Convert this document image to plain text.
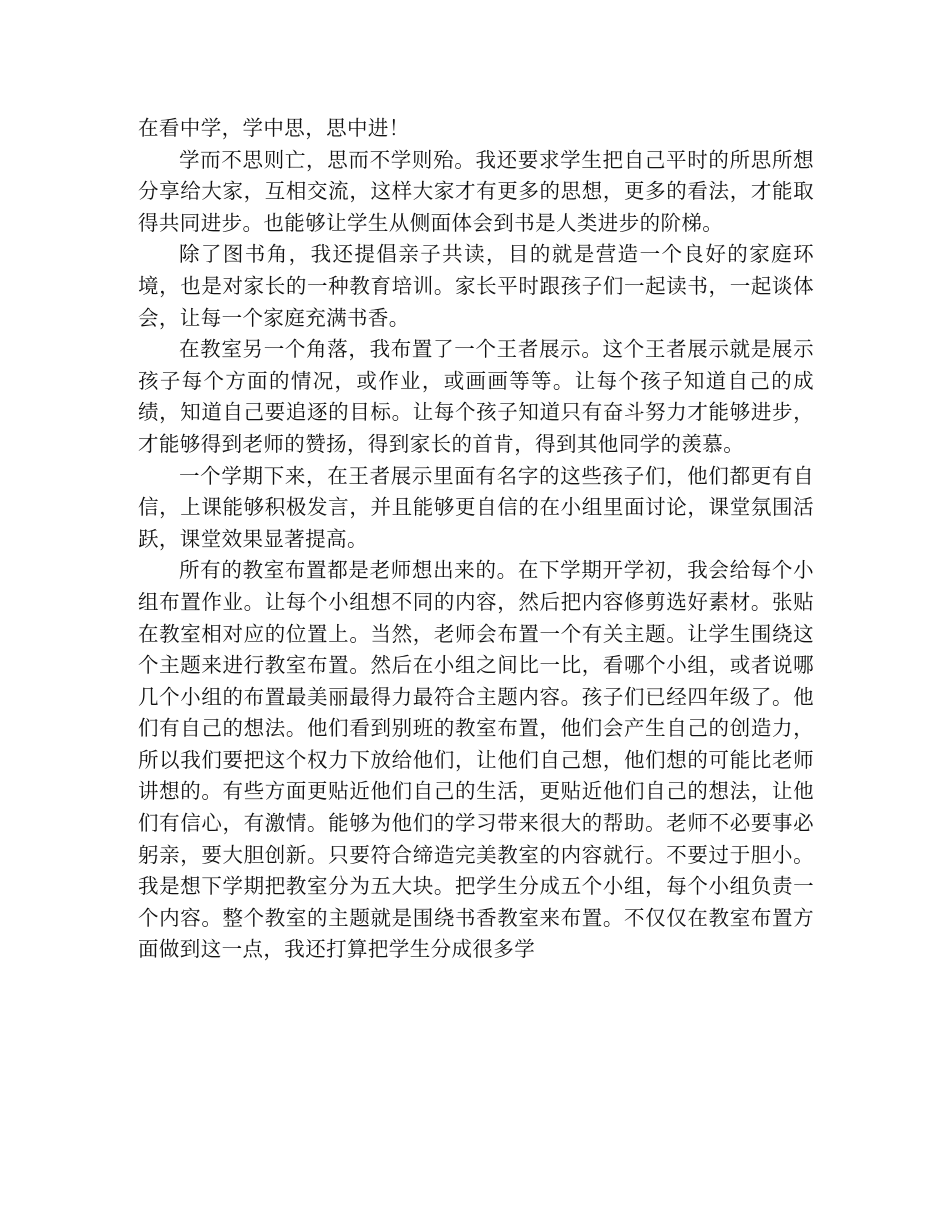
在看中学，学中思，思中进！

学而不思则亡，思而不学则殆。我还要求学生把自己平时的所思所想分享给大家，互相交流，这样大家才有更多的思想，更多的看法，才能取得共同进步。也能够让学生从侧面体会到书是人类进步的阶梯。

除了图书角，我还提倡亲子共读，目的就是营造一个良好的家庭环境，也是对家长的一种教育培训。家长平时跟孩子们一起读书，一起谈体会，让每一个家庭充满书香。

在教室另一个角落，我布置了一个王者展示。这个王者展示就是展示孩子每个方面的情况，或作业，或画画等等。让每个孩子知道自己的成绩，知道自己要追逐的目标。让每个孩子知道只有奋斗努力才能够进步，才能够得到老师的赞扬，得到家长的首肯，得到其他同学的羡慕。

一个学期下来，在王者展示里面有名字的这些孩子们，他们都更有自信，上课能够积极发言，并且能够更自信的在小组里面讨论，课堂氛围活跃，课堂效果显著提高。

所有的教室布置都是老师想出来的。在下学期开学初，我会给每个小组布置作业。让每个小组想不同的内容，然后把内容修剪选好素材。张贴在教室相对应的位置上。当然，老师会布置一个有关主题。让学生围绕这个主题来进行教室布置。然后在小组之间比一比，看哪个小组，或者说哪几个小组的布置最美丽最得力最符合主题内容。孩子们已经四年级了。他们有自己的想法。他们看到别班的教室布置，他们会产生自己的创造力，所以我们要把这个权力下放给他们，让他们自己想，他们想的可能比老师讲想的。有些方面更贴近他们自己的生活，更贴近他们自己的想法，让他们有信心，有激情。能够为他们的学习带来很大的帮助。老师不必要事必躬亲，要大胆创新。只要符合缔造完美教室的内容就行。不要过于胆小。我是想下学期把教室分为五大块。把学生分成五个小组，每个小组负责一个内容。整个教室的主题就是围绕书香教室来布置。不仅仅在教室布置方面做到这一点，我还打算把学生分成很多学
